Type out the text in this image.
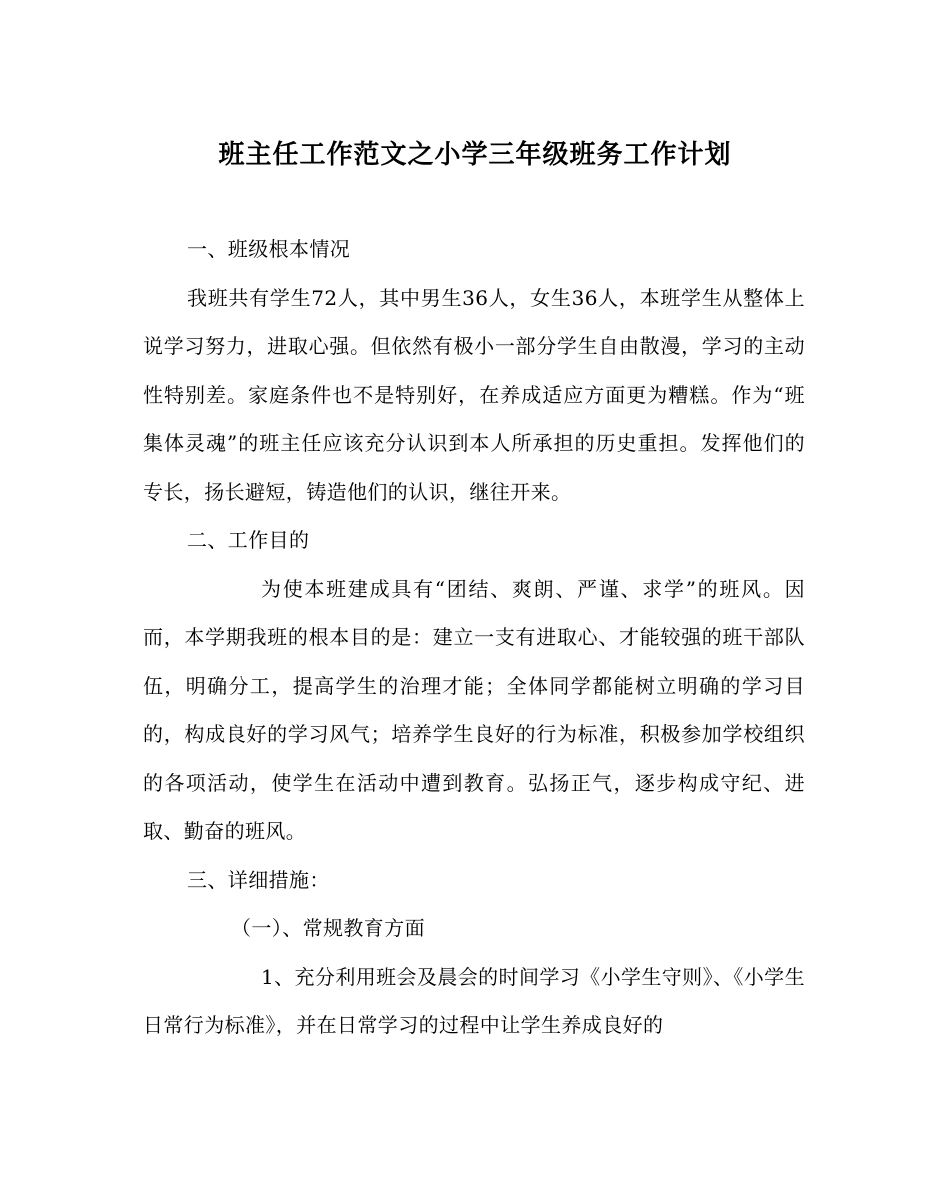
班主任工作范文之小学三年级班务工作计划

一、班级根本情况

我班共有学生72人，其中男生36人，女生36人，本班学生从整体上说学习努力，进取心强。但依然有极小一部分学生自由散漫，学习的主动性特别差。家庭条件也不是特别好，在养成适应方面更为糟糕。作为“班集体灵魂”的班主任应该充分认识到本人所承担的历史重担。发挥他们的专长，扬长避短，铸造他们的认识，继往开来。

二、工作目的

为使本班建成具有“团结、爽朗、严谨、求学”的班风。因而，本学期我班的根本目的是：建立一支有进取心、才能较强的班干部队伍，明确分工，提高学生的治理才能；全体同学都能树立明确的学习目的，构成良好的学习风气；培养学生良好的行为标准，积极参加学校组织的各项活动，使学生在活动中遭到教育。弘扬正气，逐步构成守纪、进取、勤奋的班风。

三、详细措施：

（一）、常规教育方面

1、充分利用班会及晨会的时间学习《小学生守则》、《小学生日常行为标准》，并在日常学习的过程中让学生养成良好的
